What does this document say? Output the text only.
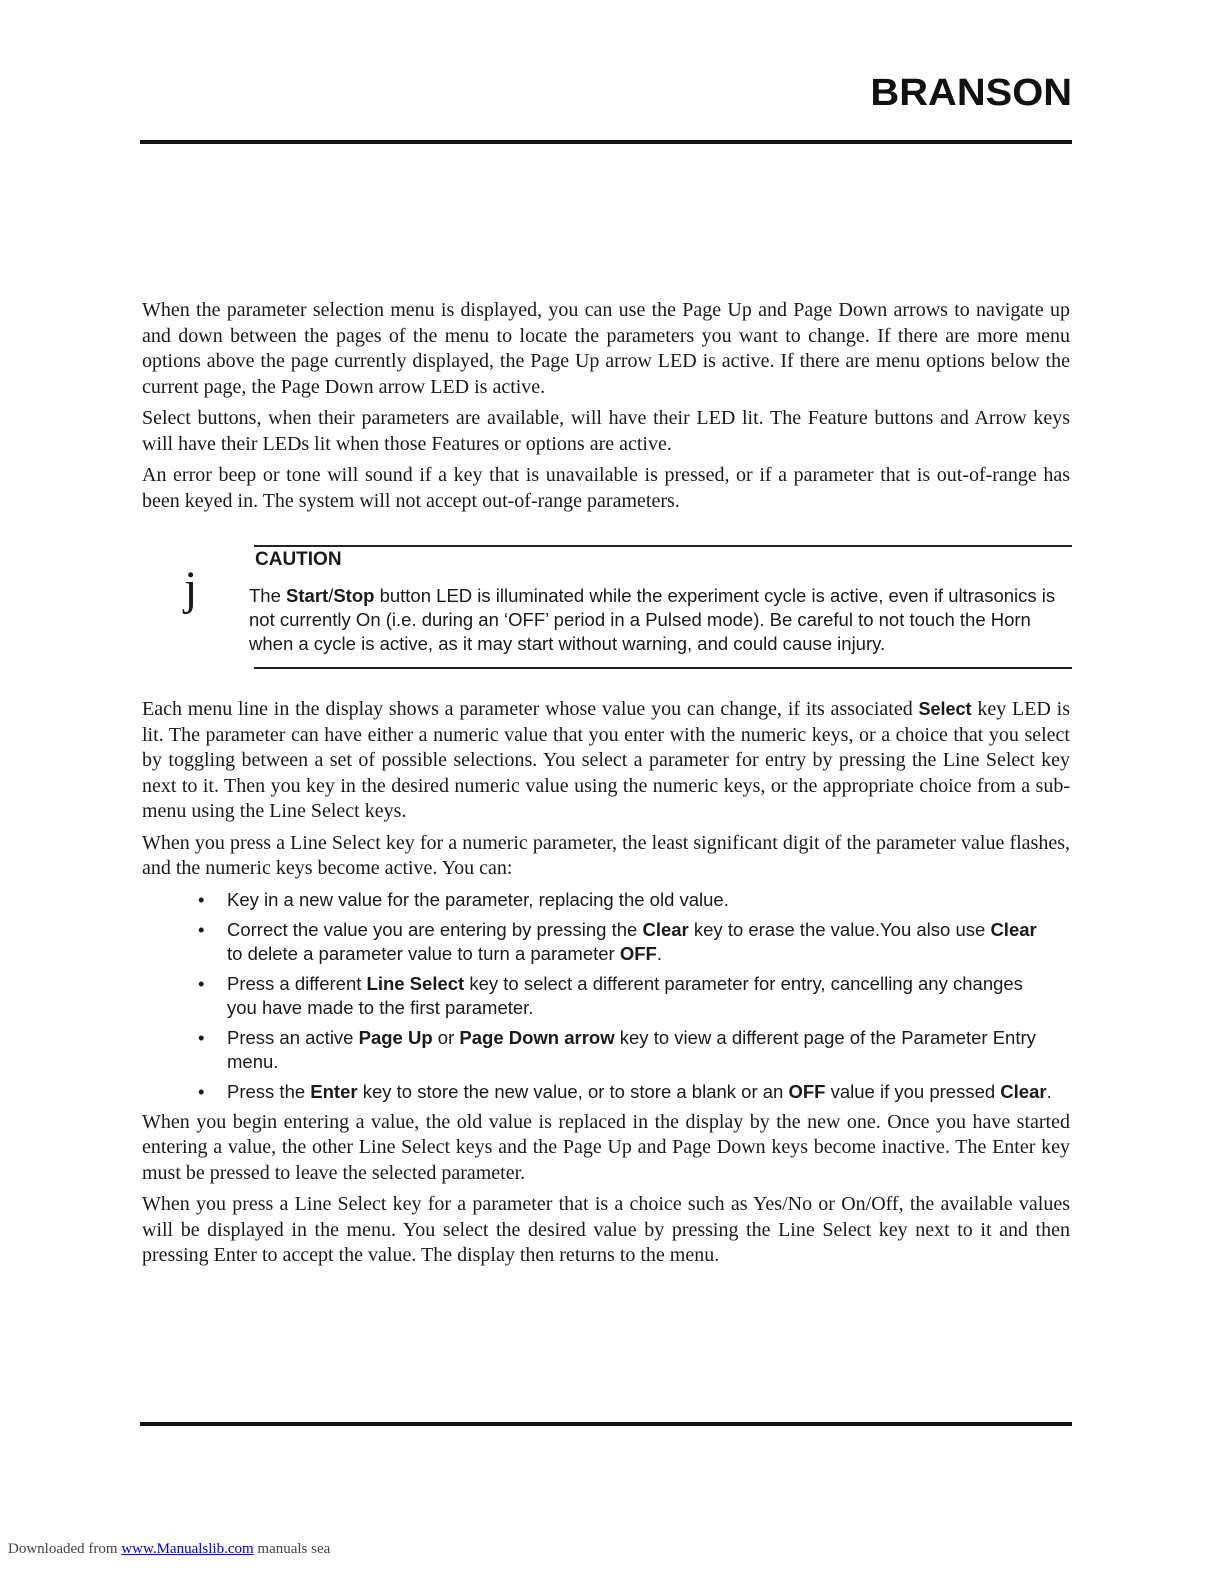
BRANSON

When the parameter selection menu is displayed, you can use the Page Up and Page Down arrows to navigate up and down between the pages of the menu to locate the parameters you want to change. If there are more menu options above the page currently displayed, the Page Up arrow LED is active. If there are menu options below the current page, the Page Down arrow LED is active.

Select buttons, when their parameters are available, will have their LED lit. The Feature buttons and Arrow keys will have their LEDs lit when those Features or options are active.

An error beep or tone will sound if a key that is unavailable is pressed, or if a parameter that is out-of-range has been keyed in. The system will not accept out-of-range parameters.

j
CAUTION
The Start/Stop button LED is illuminated while the experiment cycle is active, even if ultrasonics is not currently On (i.e. during an ‘OFF’ period in a Pulsed mode). Be careful to not touch the Horn when a cycle is active, as it may start without warning, and could cause injury.

Each menu line in the display shows a parameter whose value you can change, if its associated Select key LED is lit. The parameter can have either a numeric value that you enter with the numeric keys, or a choice that you select by toggling between a set of possible selections. You select a parameter for entry by pressing the Line Select key next to it. Then you key in the desired numeric value using the numeric keys, or the appropriate choice from a sub-menu using the Line Select keys.

When you press a Line Select key for a numeric parameter, the least significant digit of the parameter value flashes, and the numeric keys become active. You can:

• Key in a new value for the parameter, replacing the old value.
• Correct the value you are entering by pressing the Clear key to erase the value.You also use Clear to delete a parameter value to turn a parameter OFF.
• Press a different Line Select key to select a different parameter for entry, cancelling any changes you have made to the first parameter.
• Press an active Page Up or Page Down arrow key to view a different page of the Parameter Entry menu.
• Press the Enter key to store the new value, or to store a blank or an OFF value if you pressed Clear.

When you begin entering a value, the old value is replaced in the display by the new one. Once you have started entering a value, the other Line Select keys and the Page Up and Page Down keys become inactive. The Enter key must be pressed to leave the selected parameter.

When you press a Line Select key for a parameter that is a choice such as Yes/No or On/Off, the available values will be displayed in the menu. You select the desired value by pressing the Line Select key next to it and then pressing Enter to accept the value. The display then returns to the menu.

Downloaded from www.Manualslib.com manuals sea
